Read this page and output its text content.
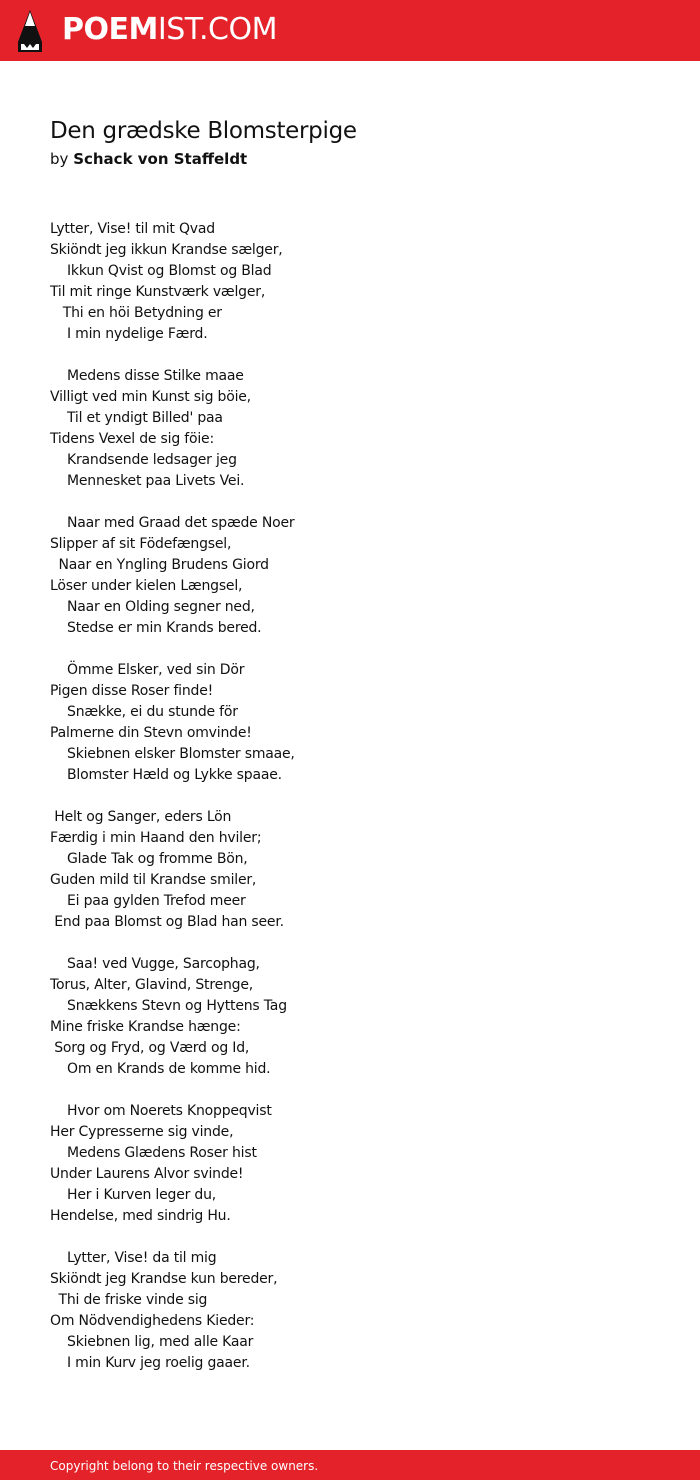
POEMIST.COM
Den grædske Blomsterpige
by Schack von Staffeldt
Lytter, Vise! til mit Qvad
Skiöndt jeg ikkun Krandse sælger,
Ikkun Qvist og Blomst og Blad
Til mit ringe Kunstværk vælger,
Thi en höi Betydning er
I min nydelige Færd.
Medens disse Stilke maae
Villigt ved min Kunst sig böie,
Til et yndigt Billed' paa
Tidens Vexel de sig föie:
Krandsende ledsager jeg
Mennesket paa Livets Vei.
Naar med Graad det spæde Noer
Slipper af sit Födefængsel,
Naar en Yngling Brudens Giord
Löser under kielen Længsel,
Naar en Olding segner ned,
Stedse er min Krands bered.
Ömme Elsker, ved sin Dör
Pigen disse Roser finde!
Snække, ei du stunde för
Palmerne din Stevn omvinde!
Skiebnen elsker Blomster smaae,
Blomster Hæld og Lykke spaae.
Helt og Sanger, eders Lön
Færdig i min Haand den hviler;
Glade Tak og fromme Bön,
Guden mild til Krandse smiler,
Ei paa gylden Trefod meer
End paa Blomst og Blad han seer.
Saa! ved Vugge, Sarcophag,
Torus, Alter, Glavind, Strenge,
Snækkens Stevn og Hyttens Tag
Mine friske Krandse hænge:
Sorg og Fryd, og Værd og Id,
Om en Krands de komme hid.
Hvor om Noerets Knoppeqvist
Her Cypresserne sig vinde,
Medens Glædens Roser hist
Under Laurens Alvor svinde!
Her i Kurven leger du,
Hendelse, med sindrig Hu.
Lytter, Vise! da til mig
Skiöndt jeg Krandse kun bereder,
Thi de friske vinde sig
Om Nödvendighedens Kieder:
Skiebnen lig, med alle Kaar
I min Kurv jeg roelig gaaer.
Copyright belong to their respective owners.
